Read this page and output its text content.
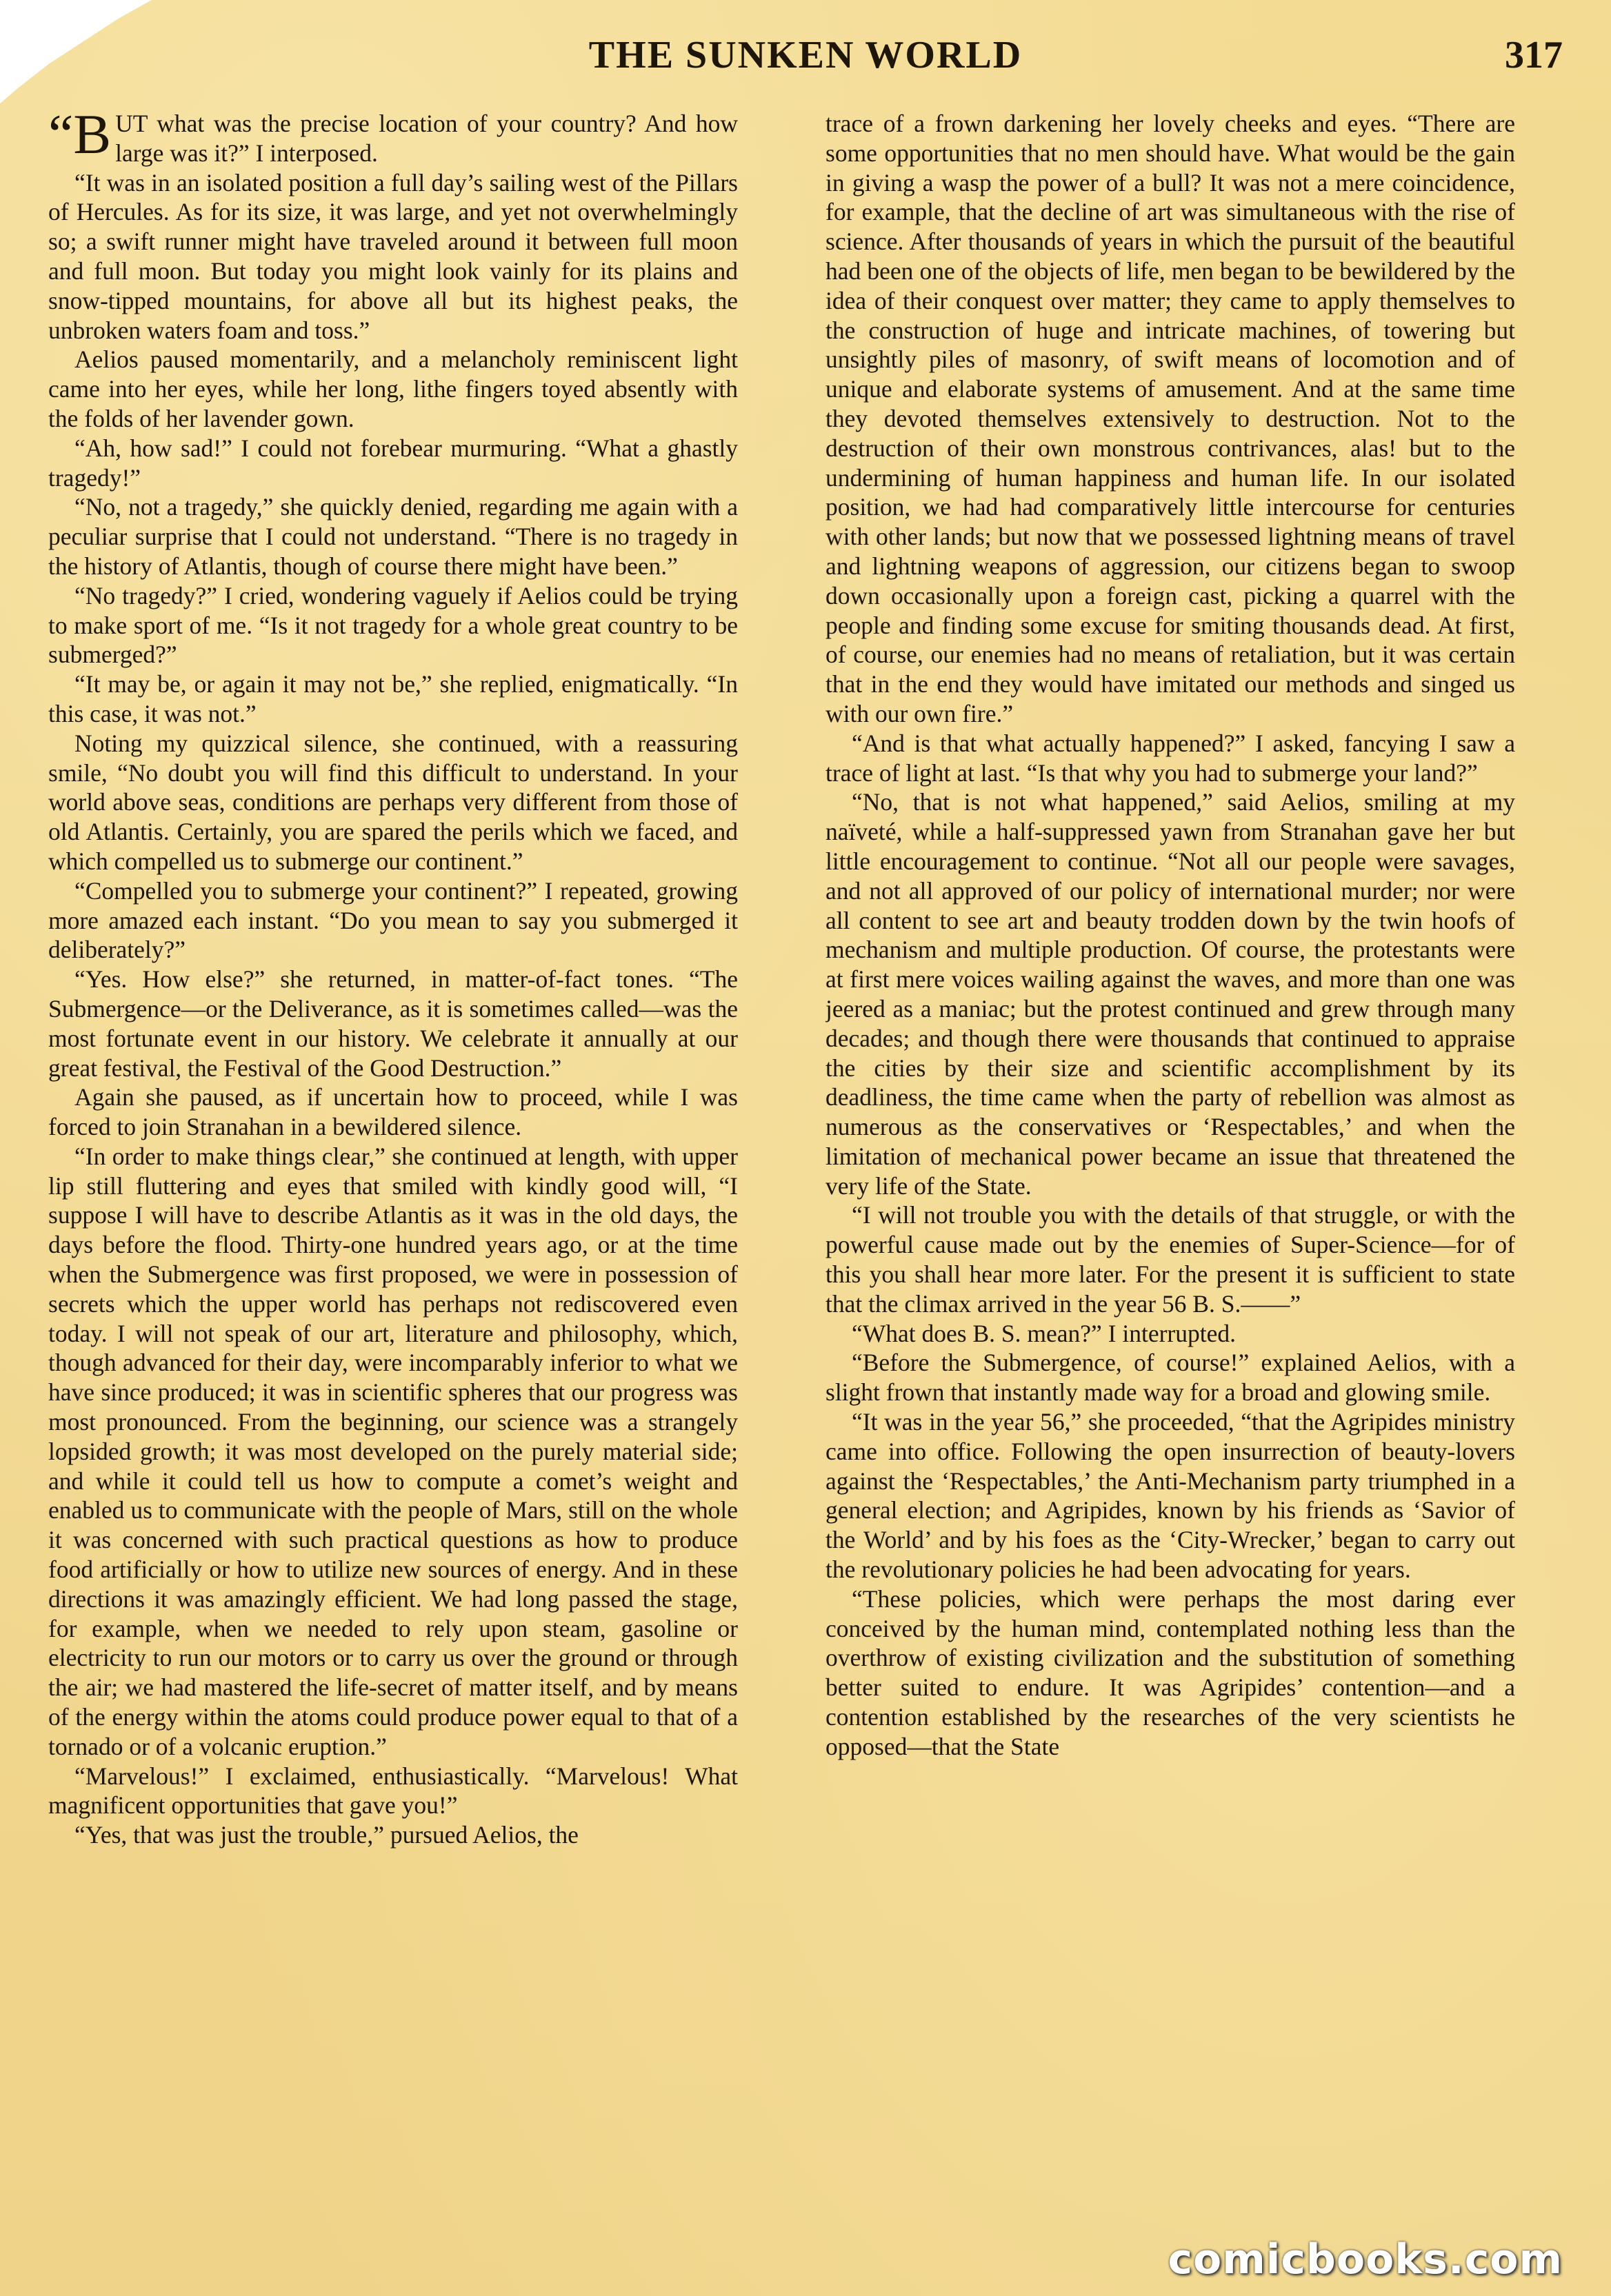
THE SUNKEN WORLD	317

“B UT what was the precise location of your country? And how large was it?” I interposed.

“It was in an isolated position a full day’s sailing west of the Pillars of Hercules. As for its size, it was large, and yet not overwhelmingly so; a swift runner might have traveled around it between full moon and full moon. But today you might look vainly for its plains and snow-tipped mountains, for above all but its highest peaks, the unbroken waters foam and toss.”

Aelios paused momentarily, and a melancholy reminiscent light came into her eyes, while her long, lithe fingers toyed absently with the folds of her lavender gown.

“Ah, how sad!” I could not forebear murmuring. “What a ghastly tragedy!”

“No, not a tragedy,” she quickly denied, regarding me again with a peculiar surprise that I could not understand. “There is no tragedy in the history of Atlantis, though of course there might have been.”

“No tragedy?” I cried, wondering vaguely if Aelios could be trying to make sport of me. “Is it not tragedy for a whole great country to be submerged?”

“It may be, or again it may not be,” she replied, enigmatically. “In this case, it was not.”

Noting my quizzical silence, she continued, with a reassuring smile, “No doubt you will find this difficult to understand. In your world above seas, conditions are perhaps very different from those of old Atlantis. Certainly, you are spared the perils which we faced, and which compelled us to submerge our continent.”

“Compelled you to submerge your continent?” I repeated, growing more amazed each instant. “Do you mean to say you submerged it deliberately?”

“Yes. How else?” she returned, in matter-of-fact tones. “The Submergence—or the Deliverance, as it is sometimes called—was the most fortunate event in our history. We celebrate it annually at our great festival, the Festival of the Good Destruction.”

Again she paused, as if uncertain how to proceed, while I was forced to join Stranahan in a bewildered silence.

“In order to make things clear,” she continued at length, with upper lip still fluttering and eyes that smiled with kindly good will, “I suppose I will have to describe Atlantis as it was in the old days, the days before the flood. Thirty-one hundred years ago, or at the time when the Submergence was first proposed, we were in possession of secrets which the upper world has perhaps not rediscovered even today. I will not speak of our art, literature and philosophy, which, though advanced for their day, were incomparably inferior to what we have since produced; it was in scientific spheres that our progress was most pronounced. From the beginning, our science was a strangely lopsided growth; it was most developed on the purely material side; and while it could tell us how to compute a comet’s weight and enabled us to communicate with the people of Mars, still on the whole it was concerned with such practical questions as how to produce food artificially or how to utilize new sources of energy. And in these directions it was amazingly efficient. We had long passed the stage, for example, when we needed to rely upon steam, gasoline or electricity to run our motors or to carry us over the ground or through the air; we had mastered the life-secret of matter itself, and by means of the energy within the atoms could produce power equal to that of a tornado or of a volcanic eruption.”

“Marvelous!” I exclaimed, enthusiastically. “Marvelous! What magnificent opportunities that gave you!”

“Yes, that was just the trouble,” pursued Aelios, the

trace of a frown darkening her lovely cheeks and eyes. “There are some opportunities that no men should have. What would be the gain in giving a wasp the power of a bull? It was not a mere coincidence, for example, that the decline of art was simultaneous with the rise of science. After thousands of years in which the pursuit of the beautiful had been one of the objects of life, men began to be bewildered by the idea of their conquest over matter; they came to apply themselves to the construction of huge and intricate machines, of towering but unsightly piles of masonry, of swift means of locomotion and of unique and elaborate systems of amusement. And at the same time they devoted themselves extensively to destruction. Not to the destruction of their own monstrous contrivances, alas! but to the undermining of human happiness and human life. In our isolated position, we had had comparatively little intercourse for centuries with other lands; but now that we possessed lightning means of travel and lightning weapons of aggression, our citizens began to swoop down occasionally upon a foreign cast, picking a quarrel with the people and finding some excuse for smiting thousands dead. At first, of course, our enemies had no means of retaliation, but it was certain that in the end they would have imitated our methods and singed us with our own fire.”

“And is that what actually happened?” I asked, fancying I saw a trace of light at last. “Is that why you had to submerge your land?”

“No, that is not what happened,” said Aelios, smiling at my naïveté, while a half-suppressed yawn from Stranahan gave her but little encouragement to continue. “Not all our people were savages, and not all approved of our policy of international murder; nor were all content to see art and beauty trodden down by the twin hoofs of mechanism and multiple production. Of course, the protestants were at first mere voices wailing against the waves, and more than one was jeered as a maniac; but the protest continued and grew through many decades; and though there were thousands that continued to appraise the cities by their size and scientific accomplishment by its deadliness, the time came when the party of rebellion was almost as numerous as the conservatives or ‘Respectables,’ and when the limitation of mechanical power became an issue that threatened the very life of the State.

“I will not trouble you with the details of that struggle, or with the powerful cause made out by the enemies of Super-Science—for of this you shall hear more later. For the present it is sufficient to state that the climax arrived in the year 56 B. S.——”

“What does B. S. mean?” I interrupted.

“Before the Submergence, of course!” explained Aelios, with a slight frown that instantly made way for a broad and glowing smile.

“It was in the year 56,” she proceeded, “that the Agripides ministry came into office. Following the open insurrection of beauty-lovers against the ‘Respectables,’ the Anti-Mechanism party triumphed in a general election; and Agripides, known by his friends as ‘Savior of the World’ and by his foes as the ‘City-Wrecker,’ began to carry out the revolutionary policies he had been advocating for years.

“These policies, which were perhaps the most daring ever conceived by the human mind, contemplated nothing less than the overthrow of existing civilization and the substitution of something better suited to endure. It was Agripides’ contention—and a contention established by the researches of the very scientists he opposed—that the State

comicbooks.com
